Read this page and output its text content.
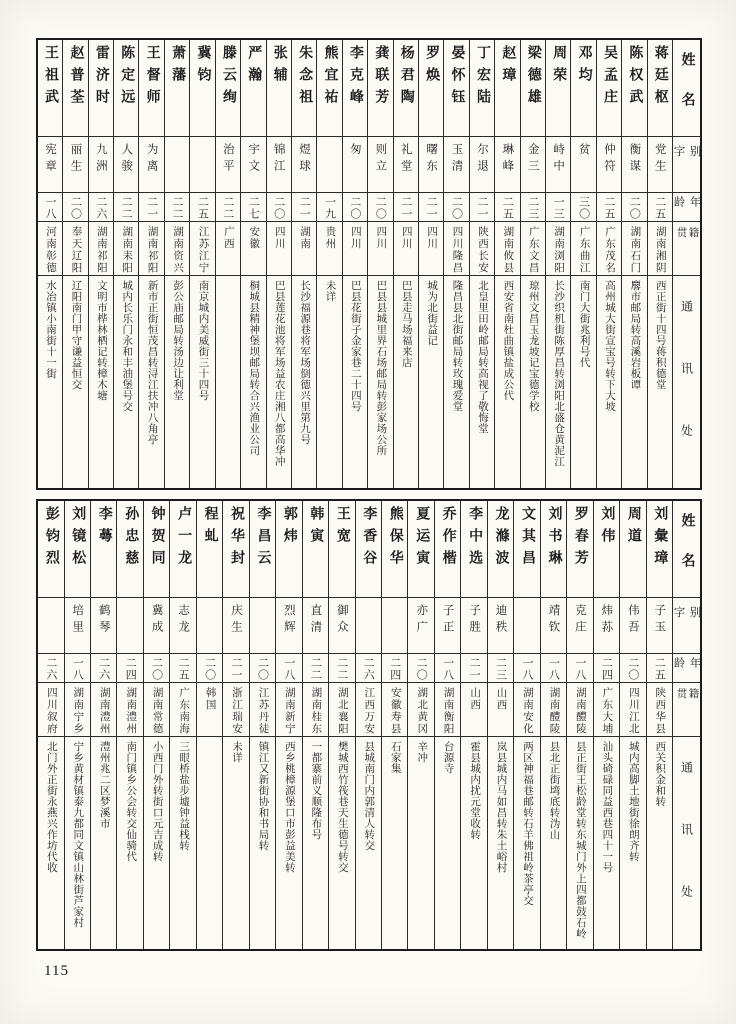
姓名
别字
年龄
籍贯
通讯处
蒋廷枢
党生
二五
湖南湘阴
西正街十四号蒋积德堂
陈权武
衡谋
二〇
湖南石门
麐市邮局转高溪岩板谭
吴孟庄
仲符
二五
广东茂名
高州城大街宣宝号转下大坡
邓均
贫
三〇
广东曲江
南门大街兆利号代
周荣
峙中
一三
湖南浏阳
长沙织机街陈厚昌转浏阳北盛仓黄泥江
梁德雄
金三
二三
广东文昌
琼州文昌玉龙坡记宝德学校
赵璋
琳峰
二五
湖南攸县
西安省南杜曲镇盐成公代
丁宏陆
尔退
二一
陕西长安
北皇里田岭邮局转高视了敬悔堂
晏怀钰
玉清
二〇
四川隆昌
隆昌县北街邮局转玫瑰爱堂
罗焕
曙东
二一
四川
城为北街益记
杨君陶
礼堂
二一
四川
巴县走马场福来店
龚联芳
则立
二〇
四川
巴县县城里界石场邮局转彭家场公所
李克峰
匆
二〇
四川
巴县花街子金家巷二十四号
熊宜祐
一九
贵州
未详
朱念祖
煜球
二一
湖南
长沙福源巷将军场倒德兴里第九号
张辅
锦江
二〇
四川
巴县莲花池将军场益农庄湘八都高华冲
严瀚
宇文
二七
安徽
桐城县精神堡坝邮局转合兴渔业公司
滕云绚
治平
二二
广西
冀钧
二五
江苏江宁
南京城内美威街三十四号
萧藩
二二
湖南资兴
彭公庙邮局转汤边让利堂
王督师
为离
二一
湖南祁阳
新市正街恒茂昌转浔江扶冲八角亭
陈定远
人骏
二二
湖南耒阳
城内长乐门永和丰油堡号交
雷济时
九洲
二六
湖南祁阳
文明市桦林栖记转樟木塘
赵普荃
丽生
二〇
奉天辽阳
辽阳南门甲守谦益恒交
王祖武
宪章
一八
河南彰德
水冶镇小南街十一街
姓名
别字
年龄
籍贯
通讯处
刘彙璋
子玉
二五
陕西华县
西关积金和转
周道
伟吾
二〇
四川江北
城内高脚土地街徐朗齐转
刘伟
炜荪
二四
广东大埔
汕头碕碌同益西巷四十一号
罗春芳
克庄
一八
湖南醴陵
县正街王松龄堂转东城门外上四都鼓石岭
刘书琳
靖钦
一八
湖南醴陵
县北正街塆底转沩山
文其昌
一八
湖南安化
两区神福巷邮转石羊佛祖岭茶亭交
龙滌波
迪秩
二三
山西
岚县城内马如昌转朱土峪村
李中选
子胜
二一
山西
霍县城内扰元堂收转
乔作楷
子正
一八
湖南衡阳
台源寺
夏运寅
亦广
二〇
湖北黄冈
辛冲
熊保华
二四
安徽寿县
石家集
李香谷
二六
江西万安
县城南门内郭清人转交
王宽
御众
二二
湖北襄阳
樊城西竹筏巷天生德号转交
韩寅
直清
二二
湖南桂东
一都寨前义顺隆布号
郭炜
烈辉
一八
湖南新宁
西乡桃樟源堡口市彭益美转
李昌云
二〇
江苏丹徒
镇江又新街协和书局转
祝华封
庆生
二一
浙江瑞安
未详
程虬
二〇
韩国
卢一龙
志龙
二五
广东南海
三眼桥盐步墟钟益栈转
钟贺同
冀成
二〇
湖南常德
小西门外转街口元吉成转
孙忠慈
二四
湖南澧州
南门镇乡公会转交仙骑代
李蕚
鹤琴
二六
湖南澧州
澧州兆二区梦溪市
刘镜松
培里
一八
湖南宁乡
宁乡黄材镇泰九都同文镇山林街芦家村
彭钧烈
二六
四川叙府
北门外正街永燕兴作坊代收
115
